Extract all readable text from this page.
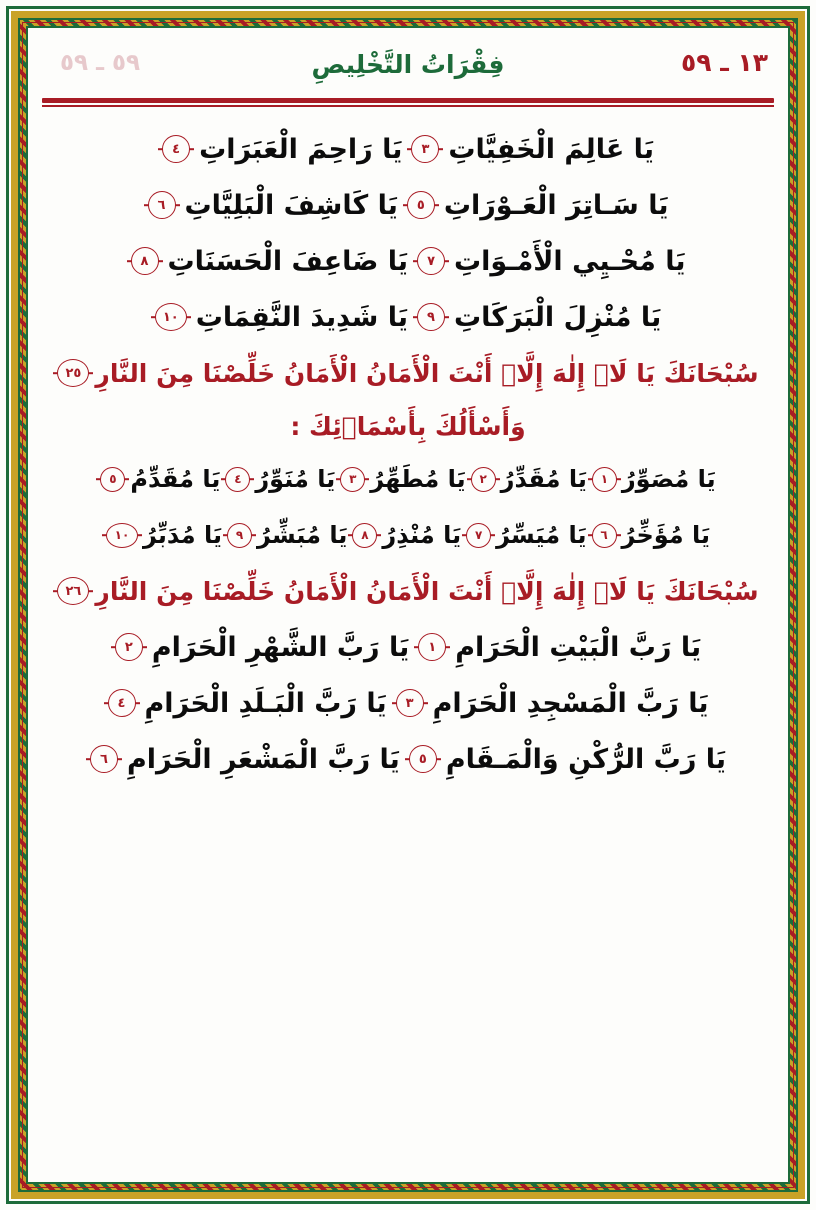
٥٩ ـ ٥٩	فِقْرَاتُ التَّخْلِيصِ	١٣ ـ ٥٩
يَا عَالِمَ الْخَفِيَّاتِ
٣
يَا رَاحِمَ الْعَبَرَاتِ
٤
يَا سَـاتِرَ الْعَـوْرَاتِ
٥
يَا كَاشِفَ الْبَلِيَّاتِ
٦
يَا مُحْـيِي الْأَمْـوَاتِ
٧
يَا ضَاعِفَ الْحَسَنَاتِ
٨
يَا مُنْزِلَ الْبَرَكَاتِ
٩
يَا شَدِيدَ النَّقِمَاتِ
١٠
سُبْحَانَكَ يَا لَاۤ إِلٰهَ إِلَّاۤ أَنْتَ الْأَمَانُ الْأَمَانُ خَلِّصْنَا مِنَ النَّارِ
٢٥
وَأَسْأَلُكَ بِأَسْمَاۤئِكَ :
يَا مُصَوِّرُ
١
يَا مُقَدِّرُ
٢
يَا مُطَهِّرُ
٣
يَا مُنَوِّرُ
٤
يَا مُقَدِّمُ
٥
يَا مُؤَخِّرُ
٦
يَا مُيَسِّرُ
٧
يَا مُنْذِرُ
٨
يَا مُبَشِّرُ
٩
يَا مُدَبِّرُ
١٠
سُبْحَانَكَ يَا لَاۤ إِلٰهَ إِلَّاۤ أَنْتَ الْأَمَانُ الْأَمَانُ خَلِّصْنَا مِنَ النَّارِ
٢٦
يَا رَبَّ الْبَيْتِ الْحَرَامِ
١
يَا رَبَّ الشَّهْرِ الْحَرَامِ
٢
يَا رَبَّ الْمَسْجِدِ الْحَرَامِ
٣
يَا رَبَّ الْبَـلَدِ الْحَرَامِ
٤
يَا رَبَّ الرُّكْنِ وَالْمَـقَامِ
٥
يَا رَبَّ الْمَشْعَرِ الْحَرَامِ
٦
